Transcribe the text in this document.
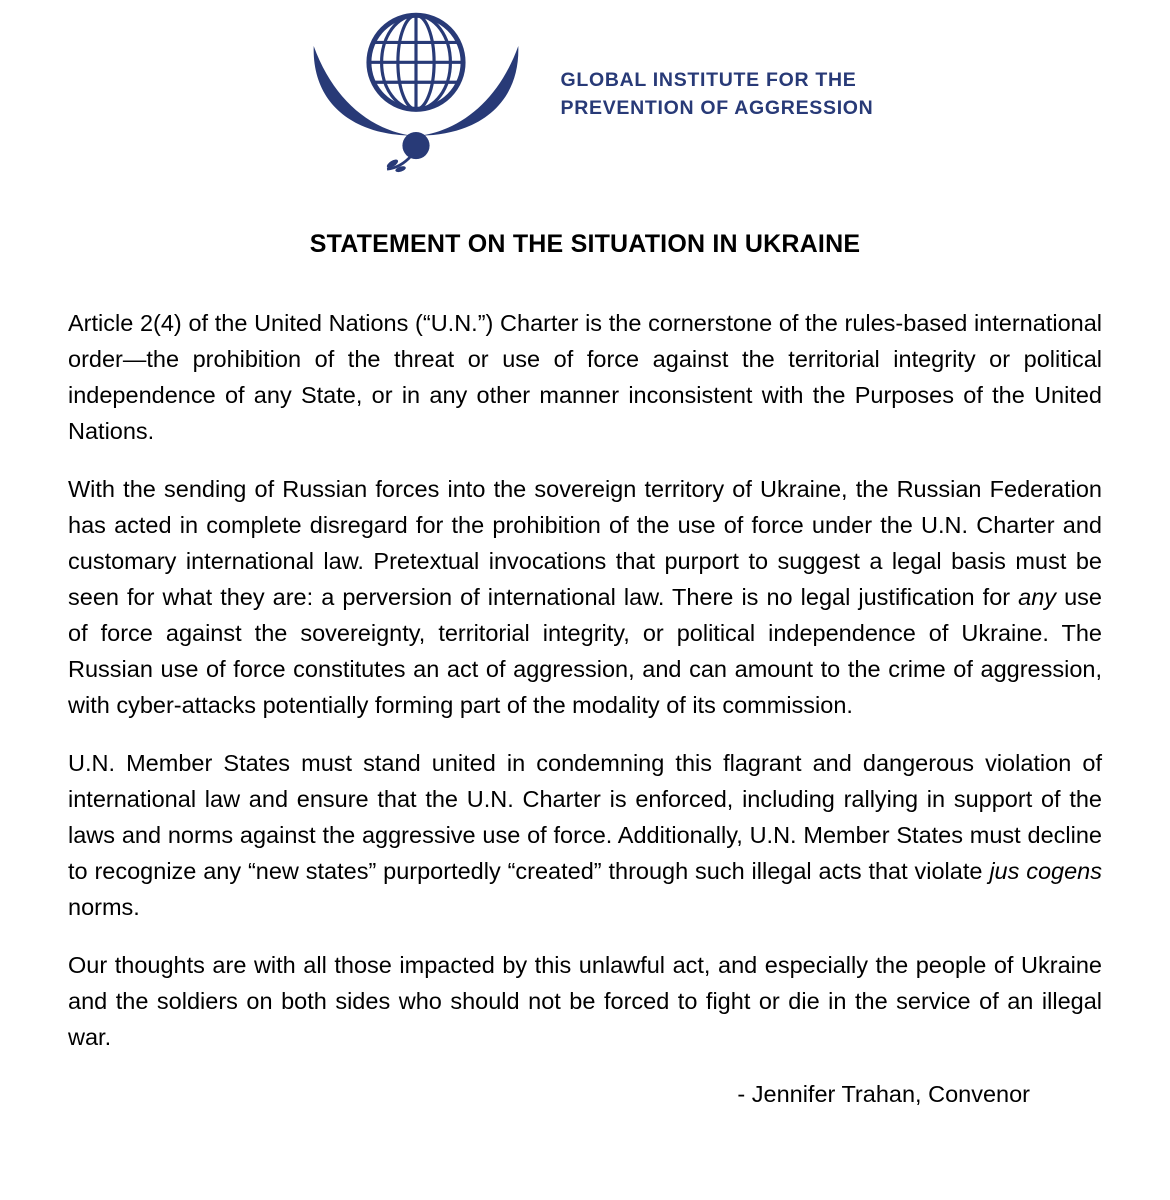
GLOBAL INSTITUTE FOR THE
PREVENTION OF AGGRESSION
STATEMENT ON THE SITUATION IN UKRAINE

Article 2(4) of the United Nations (“U.N.”) Charter is the cornerstone of the rules-based international order—the prohibition of the threat or use of force against the territorial integrity or political independence of any State, or in any other manner inconsistent with the Purposes of the United Nations.

With the sending of Russian forces into the sovereign territory of Ukraine, the Russian Federation has acted in complete disregard for the prohibition of the use of force under the U.N. Charter and customary international law. Pretextual invocations that purport to suggest a legal basis must be seen for what they are: a perversion of international law. There is no legal justification for any use of force against the sovereignty, territorial integrity, or political independence of Ukraine. The Russian use of force constitutes an act of aggression, and can amount to the crime of aggression, with cyber-attacks potentially forming part of the modality of its commission.

U.N. Member States must stand united in condemning this flagrant and dangerous violation of international law and ensure that the U.N. Charter is enforced, including rallying in support of the laws and norms against the aggressive use of force. Additionally, U.N. Member States must decline to recognize any “new states” purportedly “created” through such illegal acts that violate jus cogens norms.

Our thoughts are with all those impacted by this unlawful act, and especially the people of Ukraine and the soldiers on both sides who should not be forced to fight or die in the service of an illegal war.

- Jennifer Trahan, Convenor
